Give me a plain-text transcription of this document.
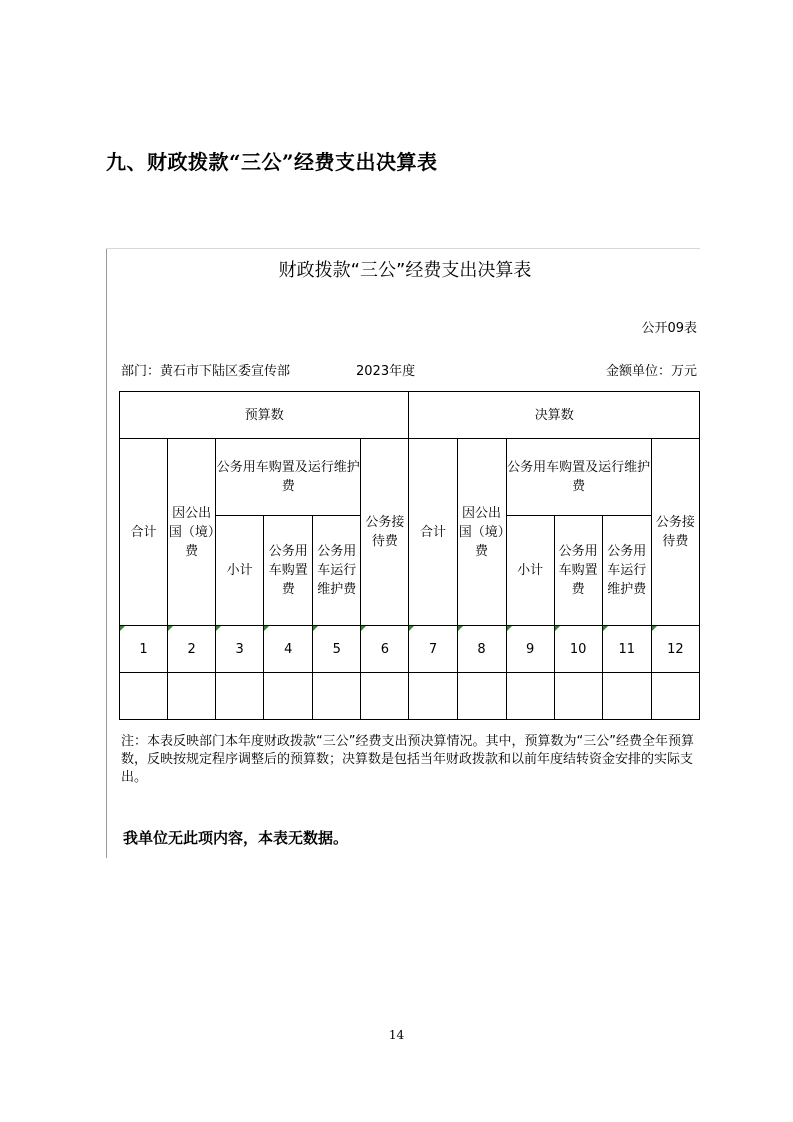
九、财政拨款“三公”经费支出决算表
财政拨款“三公”经费支出决算表
公开09表
部门：黄石市下陆区委宣传部	2023年度	金额单位：万元
预算数						决算数					
合计	因公出国（境）费	公务用车购置及运行维护费			公务接待费	合计	因公出国（境）费	公务用车购置及运行维护费			公务接待费
		小计	公务用车购置费	公务用车运行维护费				小计	公务用车购置费	公务用车运行维护费	

1	2	3	4	5	6	7	8	9	10	11	12

注：本表反映部门本年度财政拨款“三公”经费支出预决算情况。其中，预算数为“三公”经费全年预算数，反映按规定程序调整后的预算数；决算数是包括当年财政拨款和以前年度结转资金安排的实际支出。
我单位无此项内容，本表无数据。
14
